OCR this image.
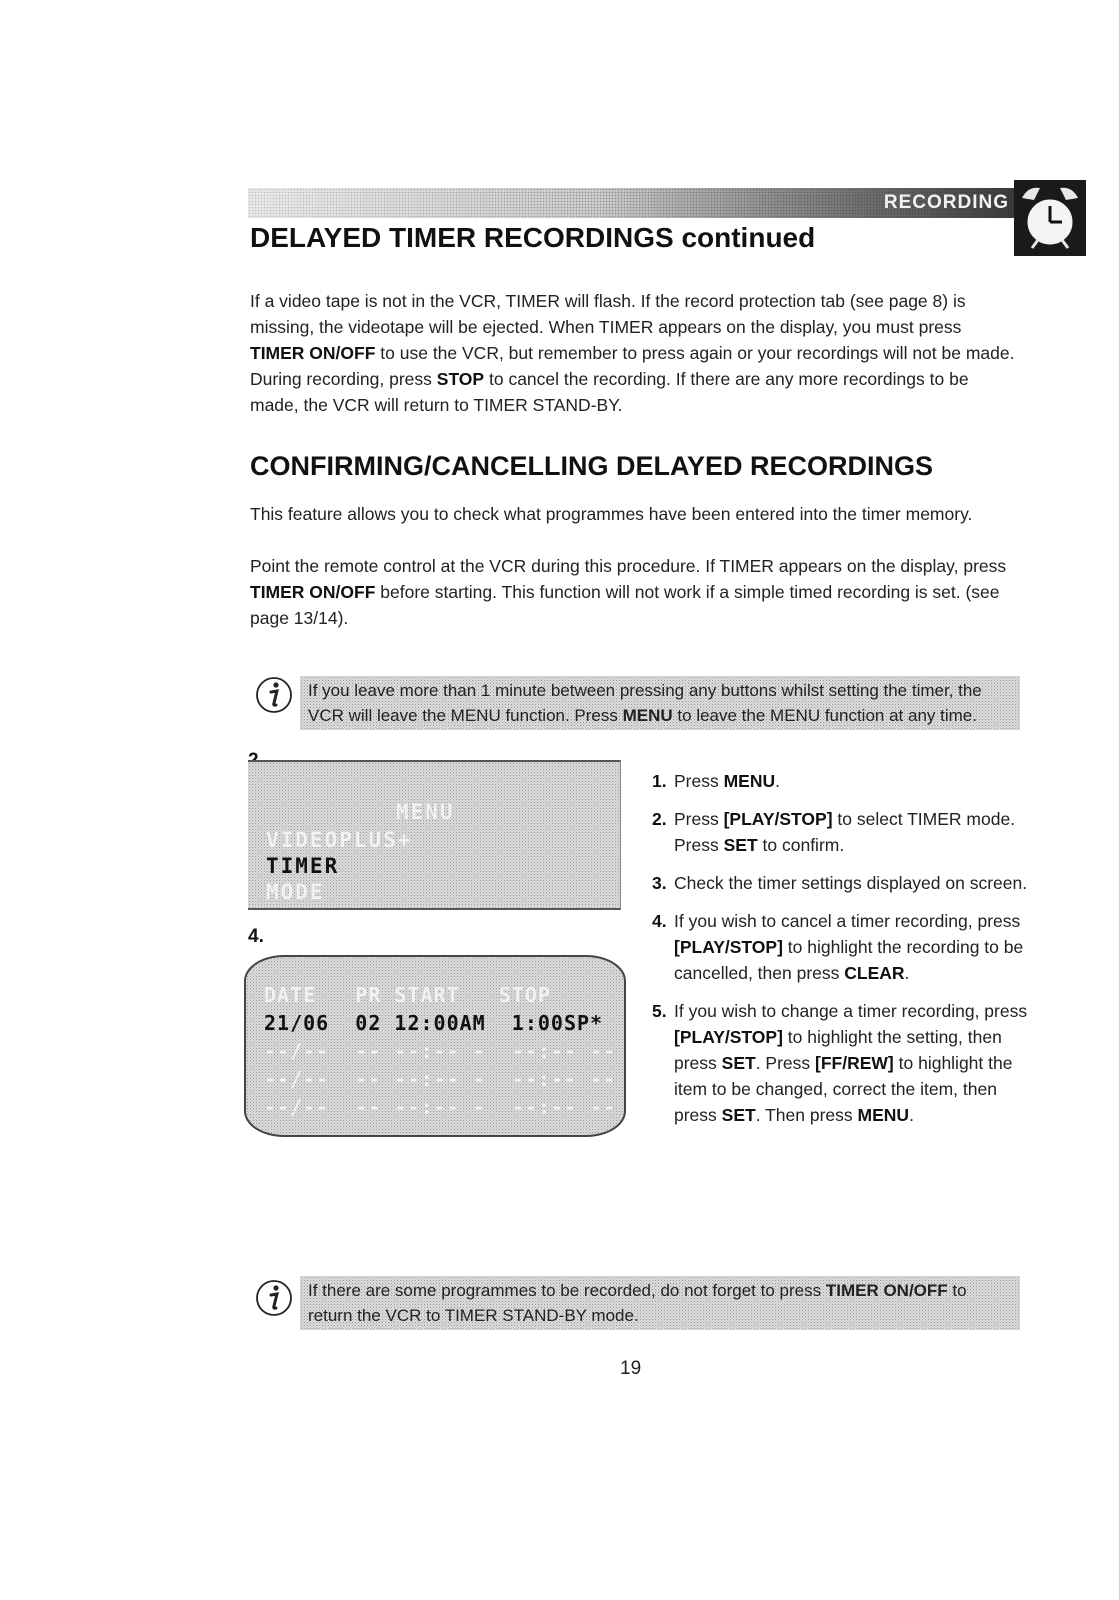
RECORDING
DELAYED TIMER RECORDINGS continued

If a video tape is not in the VCR, TIMER will flash. If the record protection tab (see page 8) is missing, the videotape will be ejected. When TIMER appears on the display, you must press TIMER ON/OFF to use the VCR, but remember to press again or your recordings will not be made. During recording, press STOP to cancel the recording. If there are any more recordings to be made, the VCR will return to TIMER STAND-BY.

CONFIRMING/CANCELLING DELAYED RECORDINGS

This feature allows you to check what programmes have been entered into the timer memory.

Point the remote control at the VCR during this procedure. If TIMER appears on the display, press TIMER ON/OFF before starting. This function will not work if a simple timed recording is set. (see page 13/14).

If you leave more than 1 minute between pressing any buttons whilst setting the timer, the VCR will leave the MENU function. Press MENU to leave the MENU function at any time.
MENU
VIDEOPLUS+
TIMER
MODE
4.
DATE   PR START   STOP
21/06  02 12:00AM  1:00SP*
--/--  -- --:-- -  --:-- --
--/--  -- --:-- -  --:-- --
--/--  -- --:-- -  --:-- --
1. Press MENU.
2. Press [PLAY/STOP] to select TIMER mode. Press SET to confirm.
3. Check the timer settings displayed on screen.
4. If you wish to cancel a timer recording, press [PLAY/STOP] to highlight the recording to be cancelled, then press CLEAR.
5. If you wish to change a timer recording, press [PLAY/STOP] to highlight the setting, then press SET. Press [FF/REW] to highlight the item to be changed, correct the item, then press SET. Then press MENU.
If there are some programmes to be recorded, do not forget to press TIMER ON/OFF to return the VCR to TIMER STAND-BY mode.
19
